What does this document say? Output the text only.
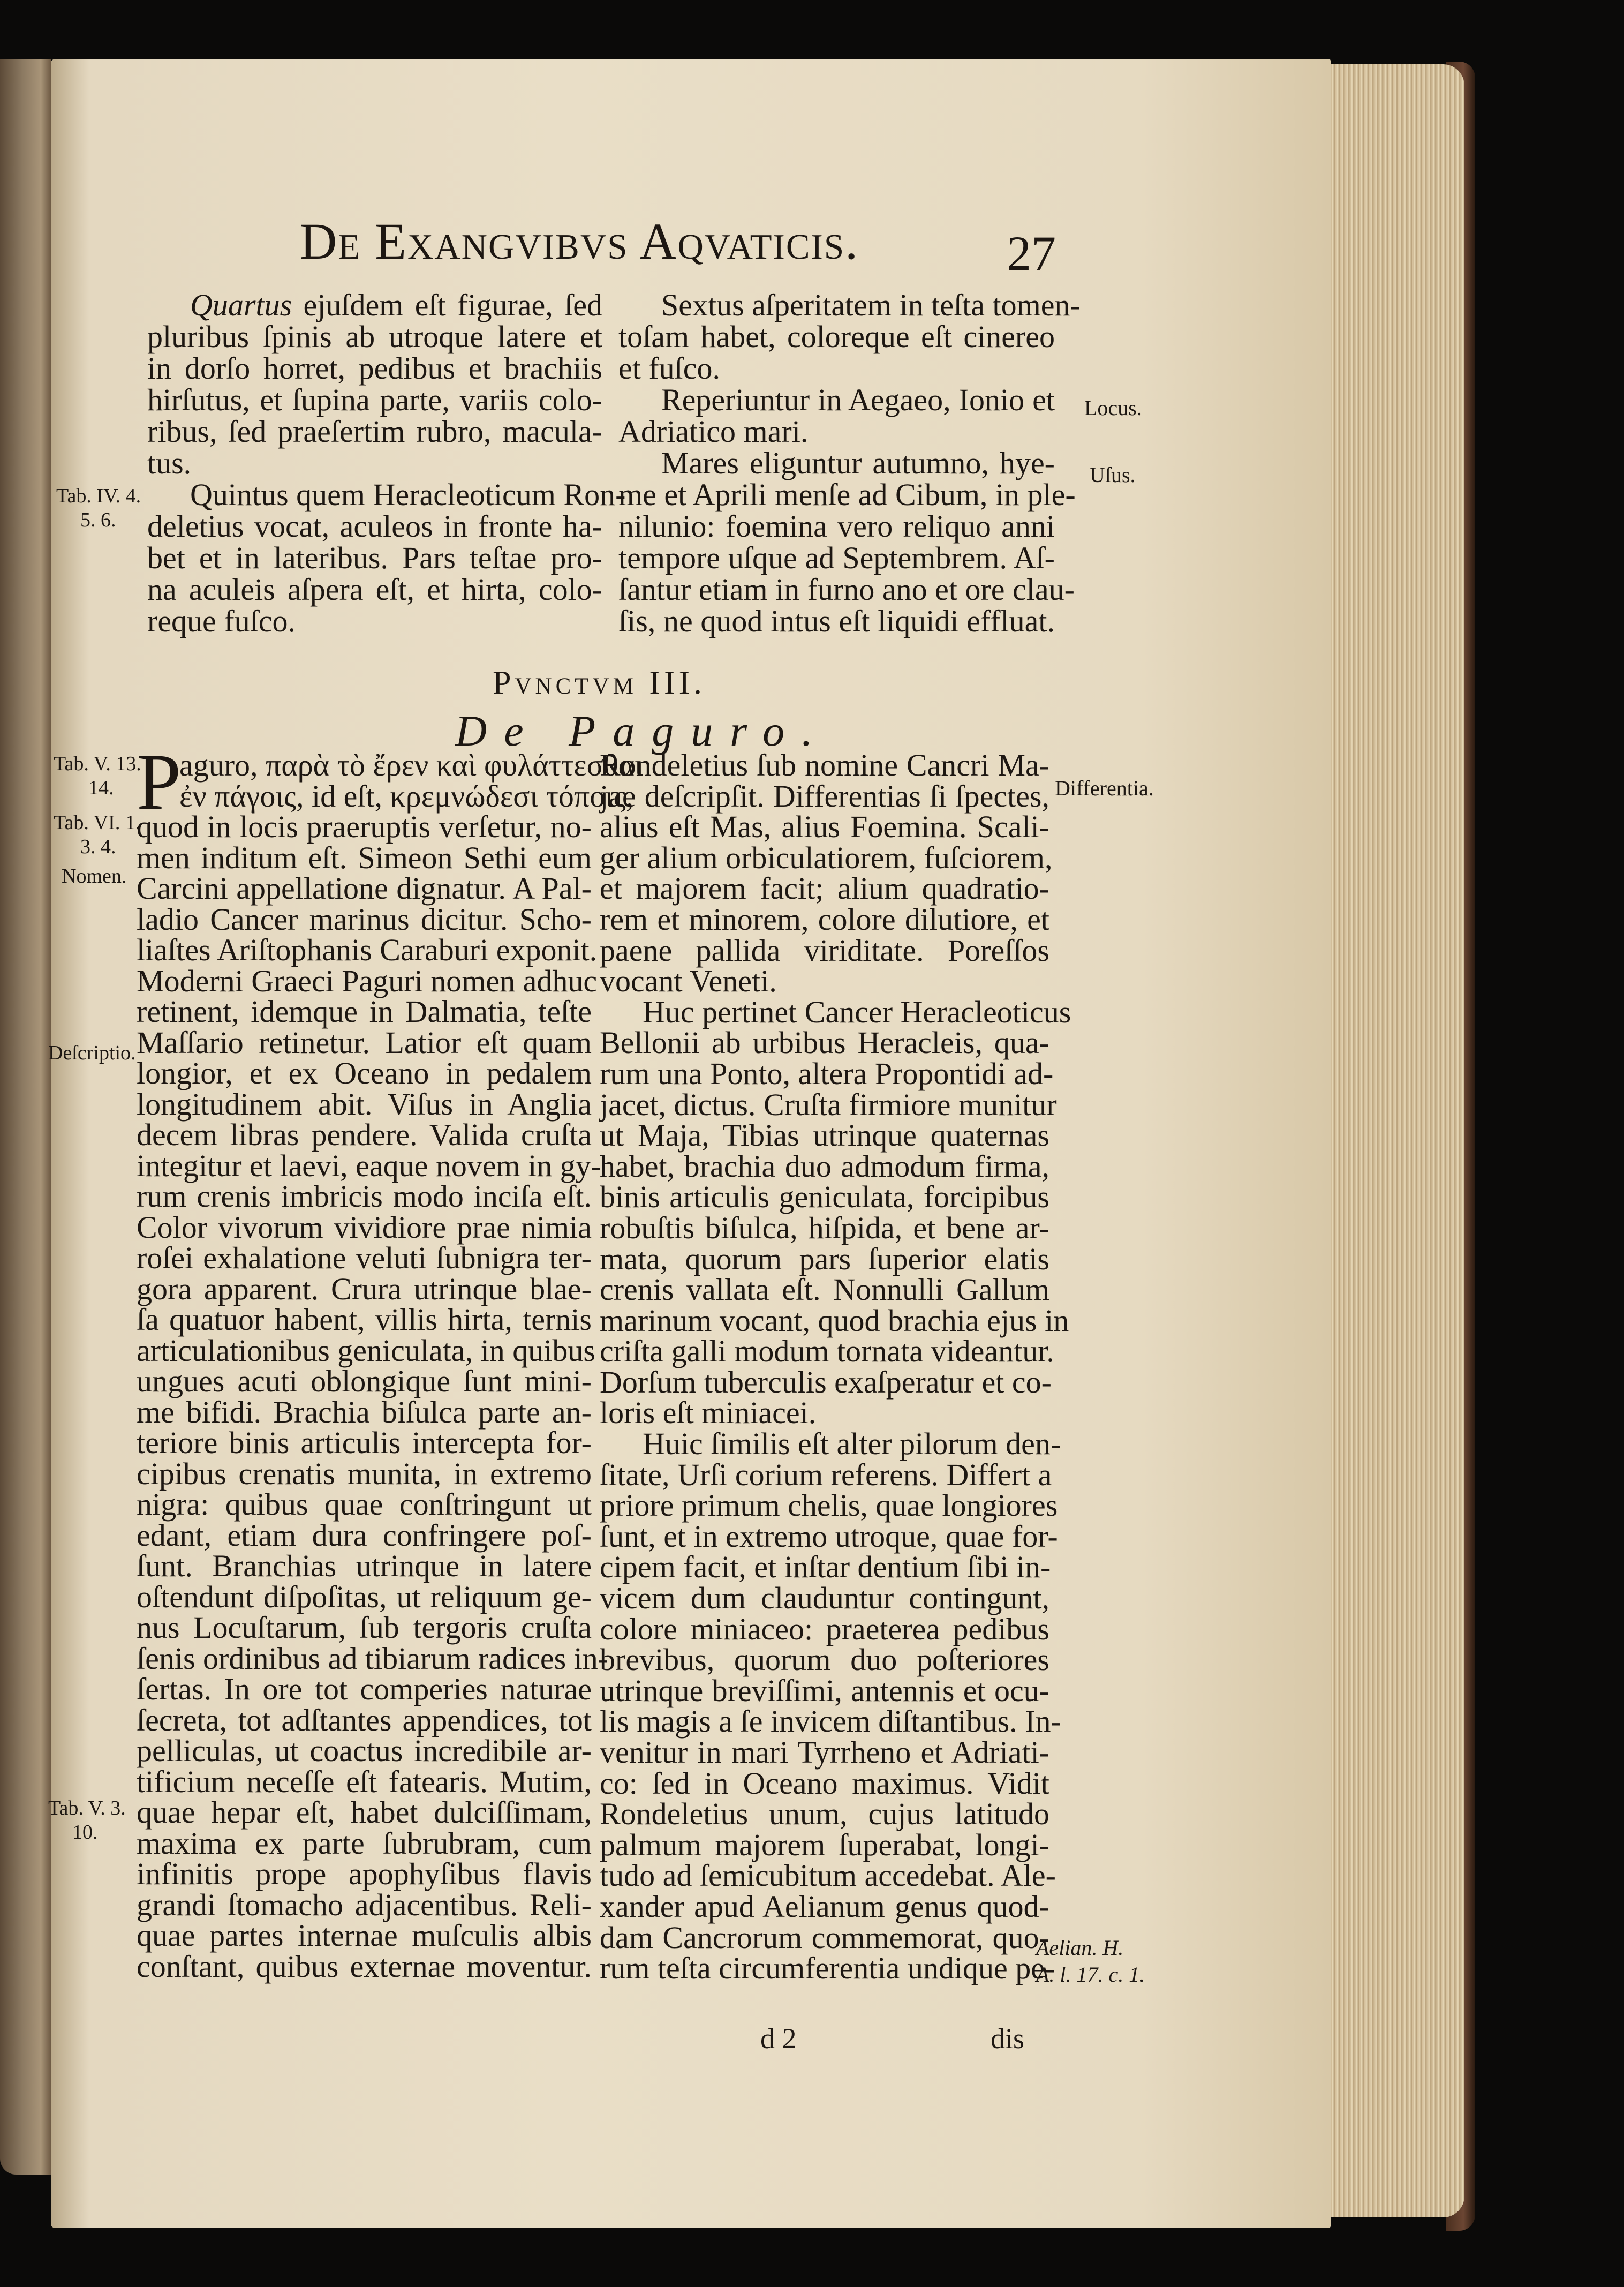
De Exangvibvs Aqvaticis.	27
Quartus ejuſdem eſt figurae, ſed
pluribus ſpinis ab utroque latere et
in dorſo horret, pedibus et brachiis
hirſutus, et ſupina parte, variis colo-
ribus, ſed praeſertim rubro, macula-
tus.
Quintus quem Heracleoticum Ron-
deletius vocat, aculeos in fronte ha-
bet et in lateribus. Pars teſtae pro-
na aculeis aſpera eſt, et hirta, colo-
reque fuſco.
Sextus aſperitatem in teſta tomen-
toſam habet, coloreque eſt cinereo
et fuſco.
Reperiuntur in Aegaeo, Ionio et
Adriatico mari.
Mares eliguntur autumno, hye-
me et Aprili menſe ad Cibum, in ple-
nilunio: foemina vero reliquo anni
tempore uſque ad Septembrem. Aſ-
ſantur etiam in furno ano et ore clau-
ſis, ne quod intus eſt liquidi effluat.
Pvnctvm III.
De Paguro.
P
aguro, παρὰ τὸ ἔρεν καὶ φυλάττεσθαι
ἐν πάγοις, id eſt, κρεμνώδεσι τόποις,
quod in locis praeruptis verſetur, no-
men inditum eſt. Simeon Sethi eum
Carcini appellatione dignatur. A Pal-
ladio Cancer marinus dicitur. Scho-
liaſtes Ariſtophanis Caraburi exponit.
Moderni Graeci Paguri nomen adhuc
retinent, idemque in Dalmatia, teſte
Maſſario retinetur. Latior eſt quam
longior, et ex Oceano in pedalem
longitudinem abit. Viſus in Anglia
decem libras pendere. Valida cruſta
integitur et laevi, eaque novem in gy-
rum crenis imbricis modo inciſa eſt.
Color vivorum vividiore prae nimia
roſei exhalatione veluti ſubnigra ter-
gora apparent. Crura utrinque blae-
ſa quatuor habent, villis hirta, ternis
articulationibus geniculata, in quibus
ungues acuti oblongique ſunt mini-
me bifidi. Brachia biſulca parte an-
teriore binis articulis intercepta for-
cipibus crenatis munita, in extremo
nigra: quibus quae conſtringunt ut
edant, etiam dura confringere poſ-
ſunt. Branchias utrinque in latere
oſtendunt diſpoſitas, ut reliquum ge-
nus Locuſtarum, ſub tergoris cruſta
ſenis ordinibus ad tibiarum radices in-
ſertas. In ore tot comperies naturae
ſecreta, tot adſtantes appendices, tot
pelliculas, ut coactus incredibile ar-
tificium neceſſe eſt fatearis. Mutim,
quae hepar eſt, habet dulciſſimam,
maxima ex parte ſubrubram, cum
infinitis prope apophyſibus flavis
grandi ſtomacho adjacentibus. Reli-
quae partes internae muſculis albis
conſtant, quibus externae moventur.
Rondeletius ſub nomine Cancri Ma-
jae deſcripſit. Differentias ſi ſpectes,
alius eſt Mas, alius Foemina. Scali-
ger alium orbiculatiorem, fuſciorem,
et majorem facit; alium quadratio-
rem et minorem, colore dilutiore, et
paene pallida viriditate. Poreſſos
vocant Veneti.
Huc pertinet Cancer Heracleoticus
Bellonii ab urbibus Heracleis, qua-
rum una Ponto, altera Propontidi ad-
jacet, dictus. Cruſta firmiore munitur
ut Maja, Tibias utrinque quaternas
habet, brachia duo admodum firma,
binis articulis geniculata, forcipibus
robuſtis biſulca, hiſpida, et bene ar-
mata, quorum pars ſuperior elatis
crenis vallata eſt. Nonnulli Gallum
marinum vocant, quod brachia ejus in
criſta galli modum tornata videantur.
Dorſum tuberculis exaſperatur et co-
loris eſt miniacei.
Huic ſimilis eſt alter pilorum den-
ſitate, Urſi corium referens. Differt a
priore primum chelis, quae longiores
ſunt, et in extremo utroque, quae for-
cipem facit, et inſtar dentium ſibi in-
vicem dum clauduntur contingunt,
colore miniaceo: praeterea pedibus
brevibus, quorum duo poſteriores
utrinque breviſſimi, antennis et ocu-
lis magis a ſe invicem diſtantibus. In-
venitur in mari Tyrrheno et Adriati-
co: ſed in Oceano maximus. Vidit
Rondeletius unum, cujus latitudo
palmum majorem ſuperabat, longi-
tudo ad ſemicubitum accedebat. Ale-
xander apud Aelianum genus quod-
dam Cancrorum commemorat, quo-
rum teſta circumferentia undique pe-
Tab. IV. 4.
5. 6.
Tab. V. 13.
14.
Tab. VI. 1.
3. 4.
Nomen.
Deſcriptio.
Tab. V. 3.
10.
Locus.
Uſus.
Differentia.
Aelian. H.
A. l. 17. c. 1.
d 2	dis
